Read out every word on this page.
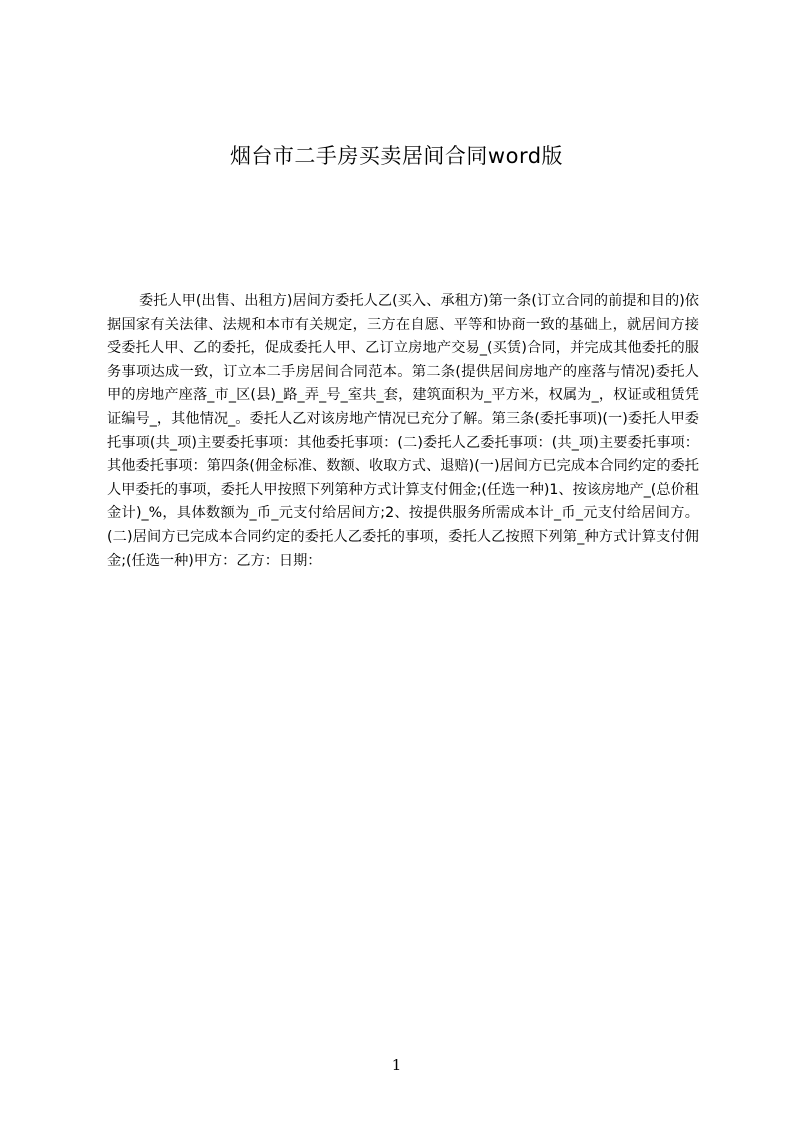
烟台市二手房买卖居间合同word版

委托人甲(出售、出租方)居间方委托人乙(买入、承租方)第一条(订立合同的前提和目的)依据国家有关法律、法规和本市有关规定，三方在自愿、平等和协商一致的基础上，就居间方接受委托人甲、乙的委托，促成委托人甲、乙订立房地产交易_(买赁)合同，并完成其他委托的服务事项达成一致，订立本二手房居间合同范本。第二条(提供居间房地产的座落与情况)委托人甲的房地产座落_市_区(县)_路_弄_号_室共_套，建筑面积为_平方米，权属为_，权证或租赁凭证编号_，其他情况_。委托人乙对该房地产情况已充分了解。第三条(委托事项)(一)委托人甲委托事项(共_项)主要委托事项：其他委托事项：(二)委托人乙委托事项：(共_项)主要委托事项：其他委托事项：第四条(佣金标准、数额、收取方式、退赔)(一)居间方已完成本合同约定的委托人甲委托的事项，委托人甲按照下列第种方式计算支付佣金;(任选一种)1、按该房地产_(总价租金计)_%，具体数额为_币_元支付给居间方;2、按提供服务所需成本计_币_元支付给居间方。(二)居间方已完成本合同约定的委托人乙委托的事项，委托人乙按照下列第_种方式计算支付佣金;(任选一种)甲方：乙方：日期：

1
